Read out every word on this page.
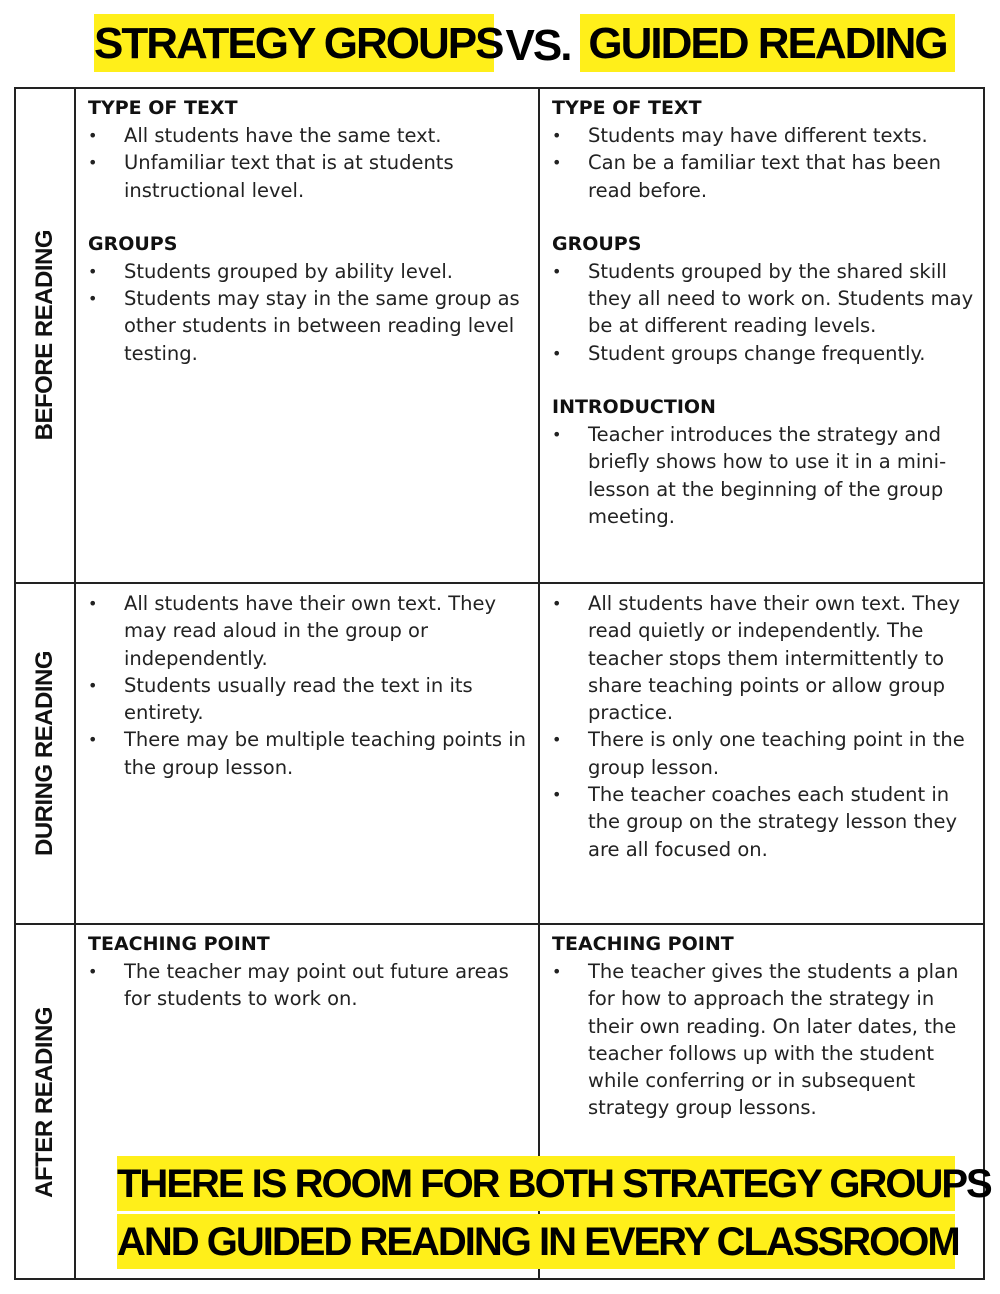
STRATEGY GROUPS VS. GUIDED READING
BEFORE READING
DURING READING
AFTER READING
TYPE OF TEXT
• All students have the same text.
• Unfamiliar text that is at students instructional level.
GROUPS
• Students grouped by ability level.
• Students may stay in the same group as other students in between reading level testing.
TYPE OF TEXT
• Students may have different texts.
• Can be a familiar text that has been read before.
GROUPS
• Students grouped by the shared skill they all need to work on. Students may be at different reading levels.
• Student groups change frequently.
INTRODUCTION
• Teacher introduces the strategy and briefly shows how to use it in a mini-lesson at the beginning of the group meeting.
• All students have their own text. They may read aloud in the group or independently.
• Students usually read the text in its entirety.
• There may be multiple teaching points in the group lesson.
• All students have their own text. They read quietly or independently. The teacher stops them intermittently to share teaching points or allow group practice.
• There is only one teaching point in the group lesson.
• The teacher coaches each student in the group on the strategy lesson they are all focused on.
TEACHING POINT
• The teacher may point out future areas for students to work on.
TEACHING POINT
• The teacher gives the students a plan for how to approach the strategy in their own reading. On later dates, the teacher follows up with the student while conferring or in subsequent strategy group lessons.
THERE IS ROOM FOR BOTH STRATEGY GROUPS
AND GUIDED READING IN EVERY CLASSROOM
